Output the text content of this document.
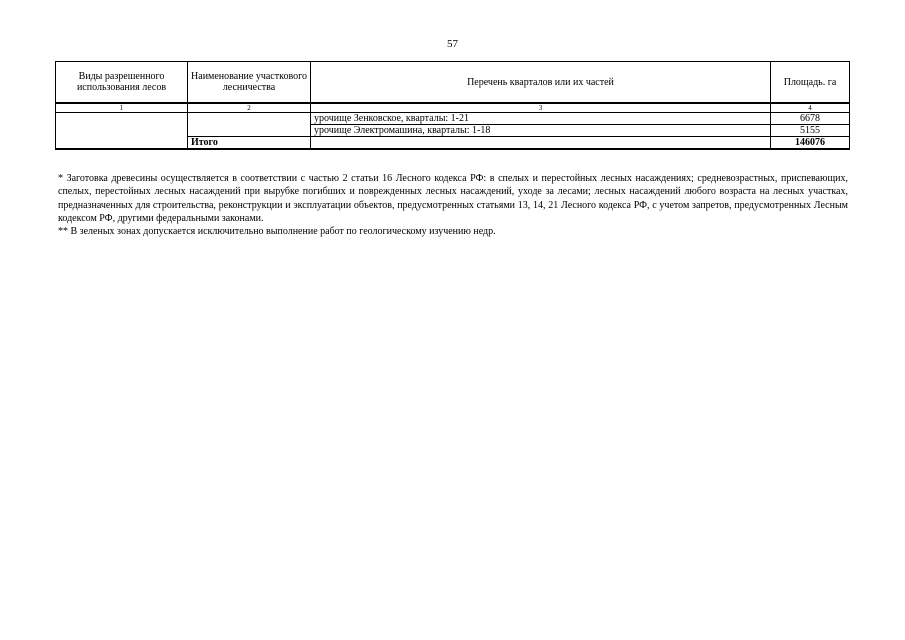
57
Виды разрешенного использования лесов	Наименование участкового лесничества	Перечень кварталов или их частей	Площадь. га
1	2	3	4
		урочище Зенковское, кварталы: 1-21	6678
		урочище Электромашина, кварталы: 1-18	5155
	Итого		146076

* Заготовка древесины осуществляется в соответствии с частью 2 статьи 16 Лесного кодекса РФ: в спелых и перестойных лесных насаждениях; средневозрастных, приспевающих, спелых, перестойных лесных насаждений при вырубке погибших и поврежденных лесных насаждений, уходе за лесами; лесных насаждений любого возраста на лесных участках, предназначенных для строительства, реконструкции и эксплуатации объектов, предусмотренных статьями 13, 14, 21 Лесного кодекса РФ, с учетом запретов, предусмотренных Лесным кодексом РФ, другими федеральными законами.

** В зеленых зонах допускается исключительно выполнение работ по геологическому изучению недр.
